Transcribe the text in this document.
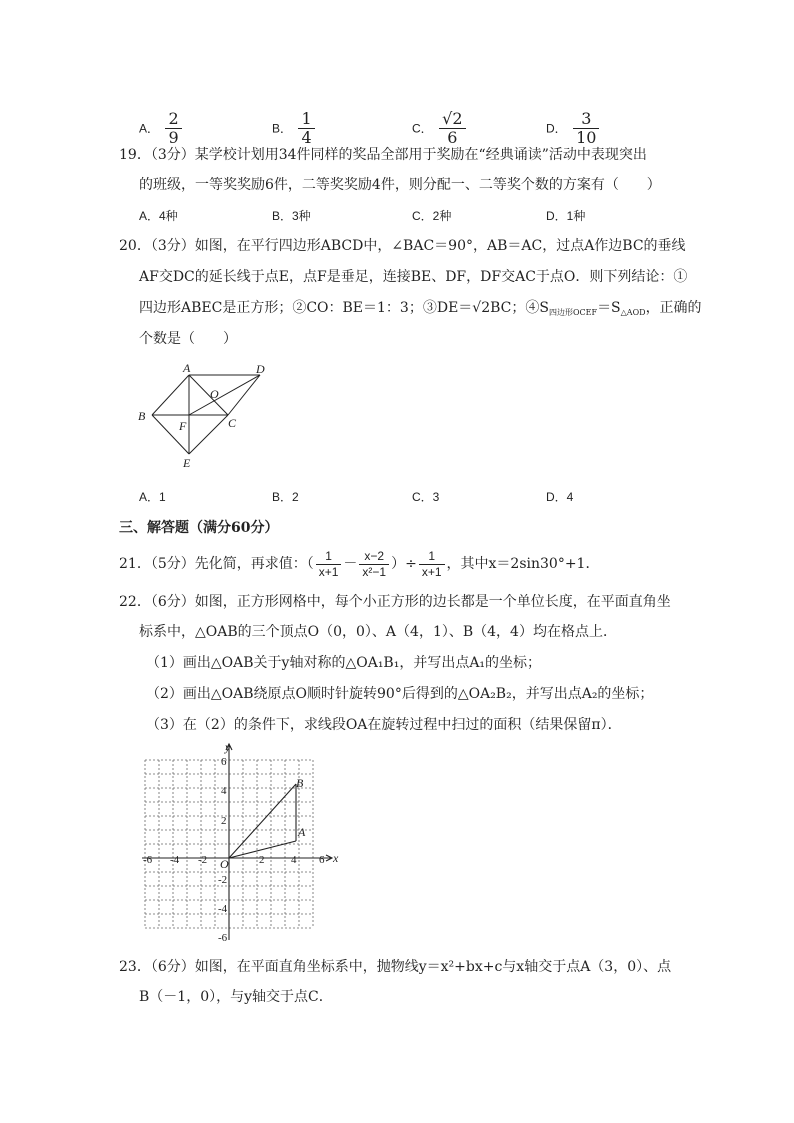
A． $\frac{2}{9}$	B． $\frac{1}{4}$	C． $\frac{√2}{6}$	D． $\frac{3}{10}$
19．（3分）某学校计划用34件同样的奖品全部用于奖励在“经典诵读”活动中表现突出
的班级，一等奖奖励6件，二等奖奖励4件，则分配一、二等奖个数的方案有（　　）
A．4种	B．3种	C．2种	D．1种
20．（3分）如图，在平行四边形ABCD中，∠BAC＝90°，AB＝AC，过点A作边BC的垂线
AF交DC的延长线于点E，点F是垂足，连接BE、DF，DF交AC于点O．则下列结论：①
四边形ABEC是正方形；②CO：BE＝1：3；③DE＝√2BC；$④S_{四边形OCEF}=S_{\triangle AOD}$，正确的
个数是（　　）
A
B	C
D
E
F
O
A．1	B．2	C．3	D．4
三、解答题（满分60分）
21．（5分）先化简，再求值：（ $\frac{1}{x+1} - \frac{x-2}{\text{x²−1}}$ ）÷ $\frac{1}{x+1}$ ，其中x＝2sin30°+1．
22．（6分）如图，正方形网格中，每个小正方形的边长都是一个单位长度，在平面直角坐
标系中，△OAB的三个顶点O（0，0）、A（4，1）、B（4，4）均在格点上．
（1）画出△OAB关于y轴对称的△OA₁B₁，并写出点A₁的坐标；
（2）画出△OAB绕原点O顺时针旋转90°后得到的△OA₂B₂，并写出点A₂的坐标；
（3）在（2）的条件下，求线段OA在旋转过程中扫过的面积（结果保留π）．
-6 -4 -2	2 4 6
6
4
2
-2
-4
-6
x
y
O
A
B
23．（6分）如图，在平面直角坐标系中，抛物线y＝x²+bx+c与x轴交于点A（3，0）、点
B（－1，0），与y轴交于点C．
